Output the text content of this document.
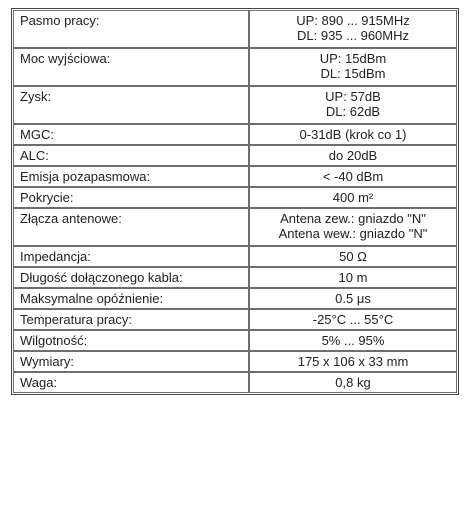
Pasmo pracy:	UP: 890 ... 915MHz
DL: 935 ... 960MHz
Moc wyjściowa:	UP: 15dBm
DL: 15dBm
Zysk:	UP: 57dB
DL: 62dB
MGC:	0-31dB (krok co 1)
ALC:	do 20dB
Emisja pozapasmowa:	< -40 dBm
Pokrycie:	400 m²
Złącza antenowe:	Antena zew.: gniazdo "N"
Antena wew.: gniazdo "N"
Impedancja:	50 Ω
Długość dołączonego kabla:	10 m
Maksymalne opóźnienie:	0.5 μs
Temperatura pracy:	-25°C ... 55°C
Wilgotność:	5% ... 95%
Wymiary:	175 x 106 x 33 mm
Waga:	0,8 kg
